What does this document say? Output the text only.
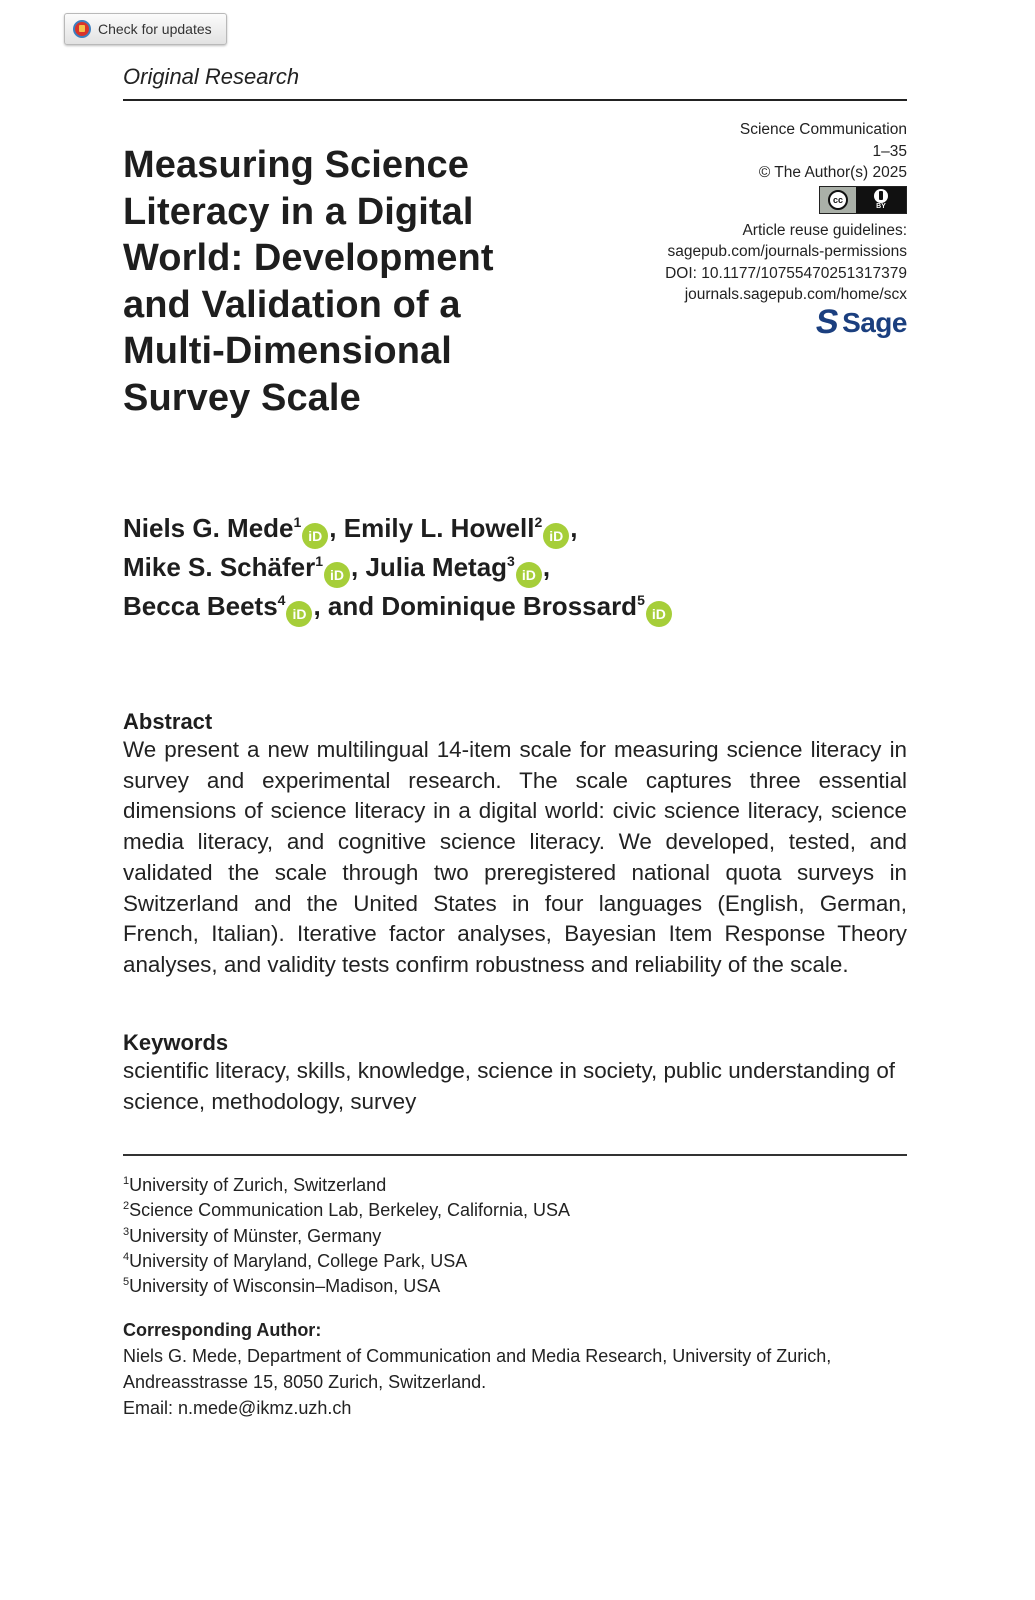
Check for updates
Original Research
Measuring Science Literacy in a Digital World: Development and Validation of a Multi-Dimensional Survey Scale
Science Communication
1–35
© The Author(s) 2025
cc
BY
Article reuse guidelines:
sagepub.com/journals-permissions
DOI: 10.1177/10755470251317379
journals.sagepub.com/home/scx
S Sage
Niels G. Mede$^1$iD , Emily L. Howell$^2$iD ,
Mike S. Schäfer$^1$iD , Julia Metag$^3$iD ,
Becca Beets$^4$iD , and Dominique Brossard$^5$iD
Abstract

We present a new multilingual 14-item scale for measuring science literacy in survey and experimental research. The scale captures three essential dimensions of science literacy in a digital world: civic science literacy, science media literacy, and cognitive science literacy. We developed, tested, and validated the scale through two preregistered national quota surveys in Switzerland and the United States in four languages (English, German, French, Italian). Iterative factor analyses, Bayesian Item Response Theory analyses, and validity tests confirm robustness and reliability of the scale.

Keywords

scientific literacy, skills, knowledge, science in society, public understanding of science, methodology, survey

$^1$University of Zurich, Switzerland
$^2$Science Communication Lab, Berkeley, California, USA
$^3$University of Münster, Germany
$^4$University of Maryland, College Park, USA
$^5$University of Wisconsin–Madison, USA
Corresponding Author:
Niels G. Mede, Department of Communication and Media Research, University of Zurich,
Andreasstrasse 15, 8050 Zurich, Switzerland.
Email: n.mede@ikmz.uzh.ch
